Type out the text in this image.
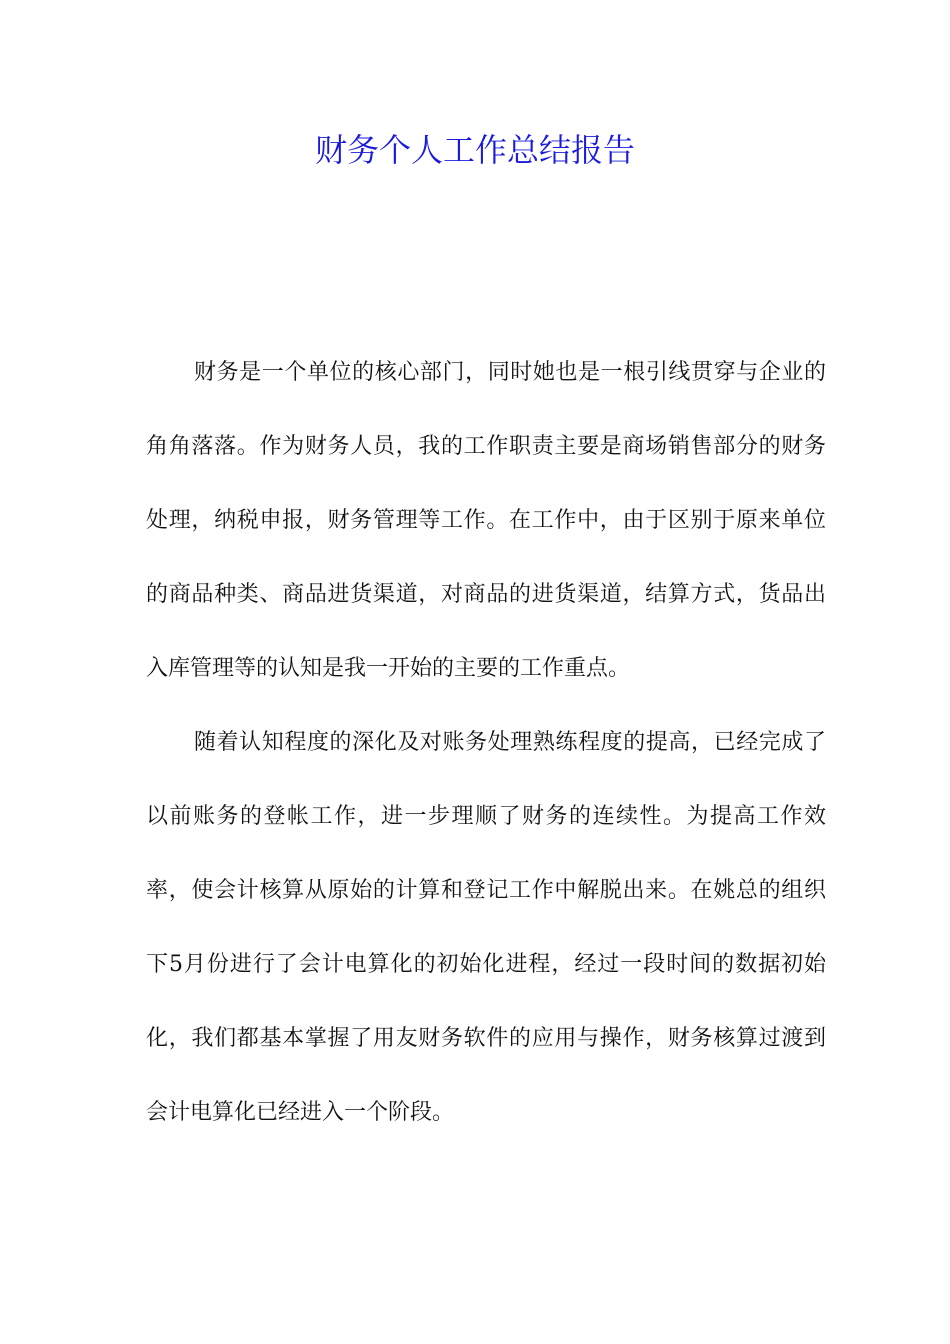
财务个人工作总结报告

财务是一个单位的核心部门，同时她也是一根引线贯穿与企业的角角落落。作为财务人员，我的工作职责主要是商场销售部分的财务处理，纳税申报，财务管理等工作。在工作中，由于区别于原来单位的商品种类、商品进货渠道，对商品的进货渠道，结算方式，货品出入库管理等的认知是我一开始的主要的工作重点。

随着认知程度的深化及对账务处理熟练程度的提高，已经完成了以前账务的登帐工作，进一步理顺了财务的连续性。为提高工作效率，使会计核算从原始的计算和登记工作中解脱出来。在姚总的组织下5月份进行了会计电算化的初始化进程，经过一段时间的数据初始化，我们都基本掌握了用友财务软件的应用与操作，财务核算过渡到会计电算化已经进入一个阶段。
